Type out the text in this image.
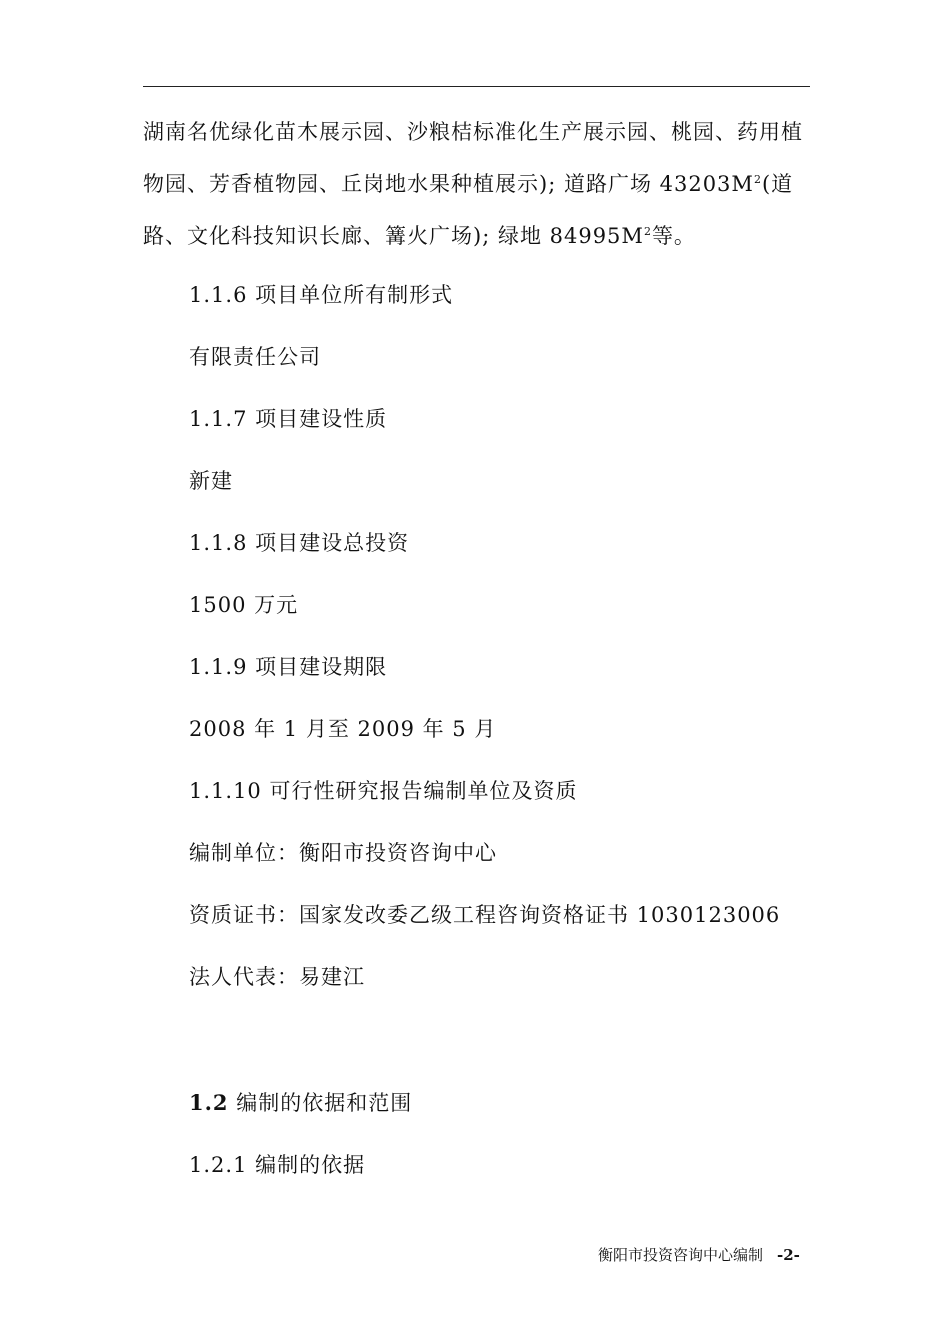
湖南名优绿化苗木展示园、沙粮桔标准化生产展示园、桃园、药用植物园、芳香植物园、丘岗地水果种植展示); 道路广场 $43203M^2$(道路、文化科技知识长廊、篝火广场); 绿地 $84995M^2$等。

1.1.6 项目单位所有制形式

有限责任公司

1.1.7 项目建设性质

新建

1.1.8 项目建设总投资

1500 万元

1.1.9 项目建设期限

2008 年 1 月至 2009 年 5 月

1.1.10 可行性研究报告编制单位及资质

编制单位：衡阳市投资咨询中心

资质证书：国家发改委乙级工程咨询资格证书 1030123006

法人代表：易建江

1.2 编制的依据和范围

1.2.1 编制的依据

衡阳市投资咨询中心编制 -2-
